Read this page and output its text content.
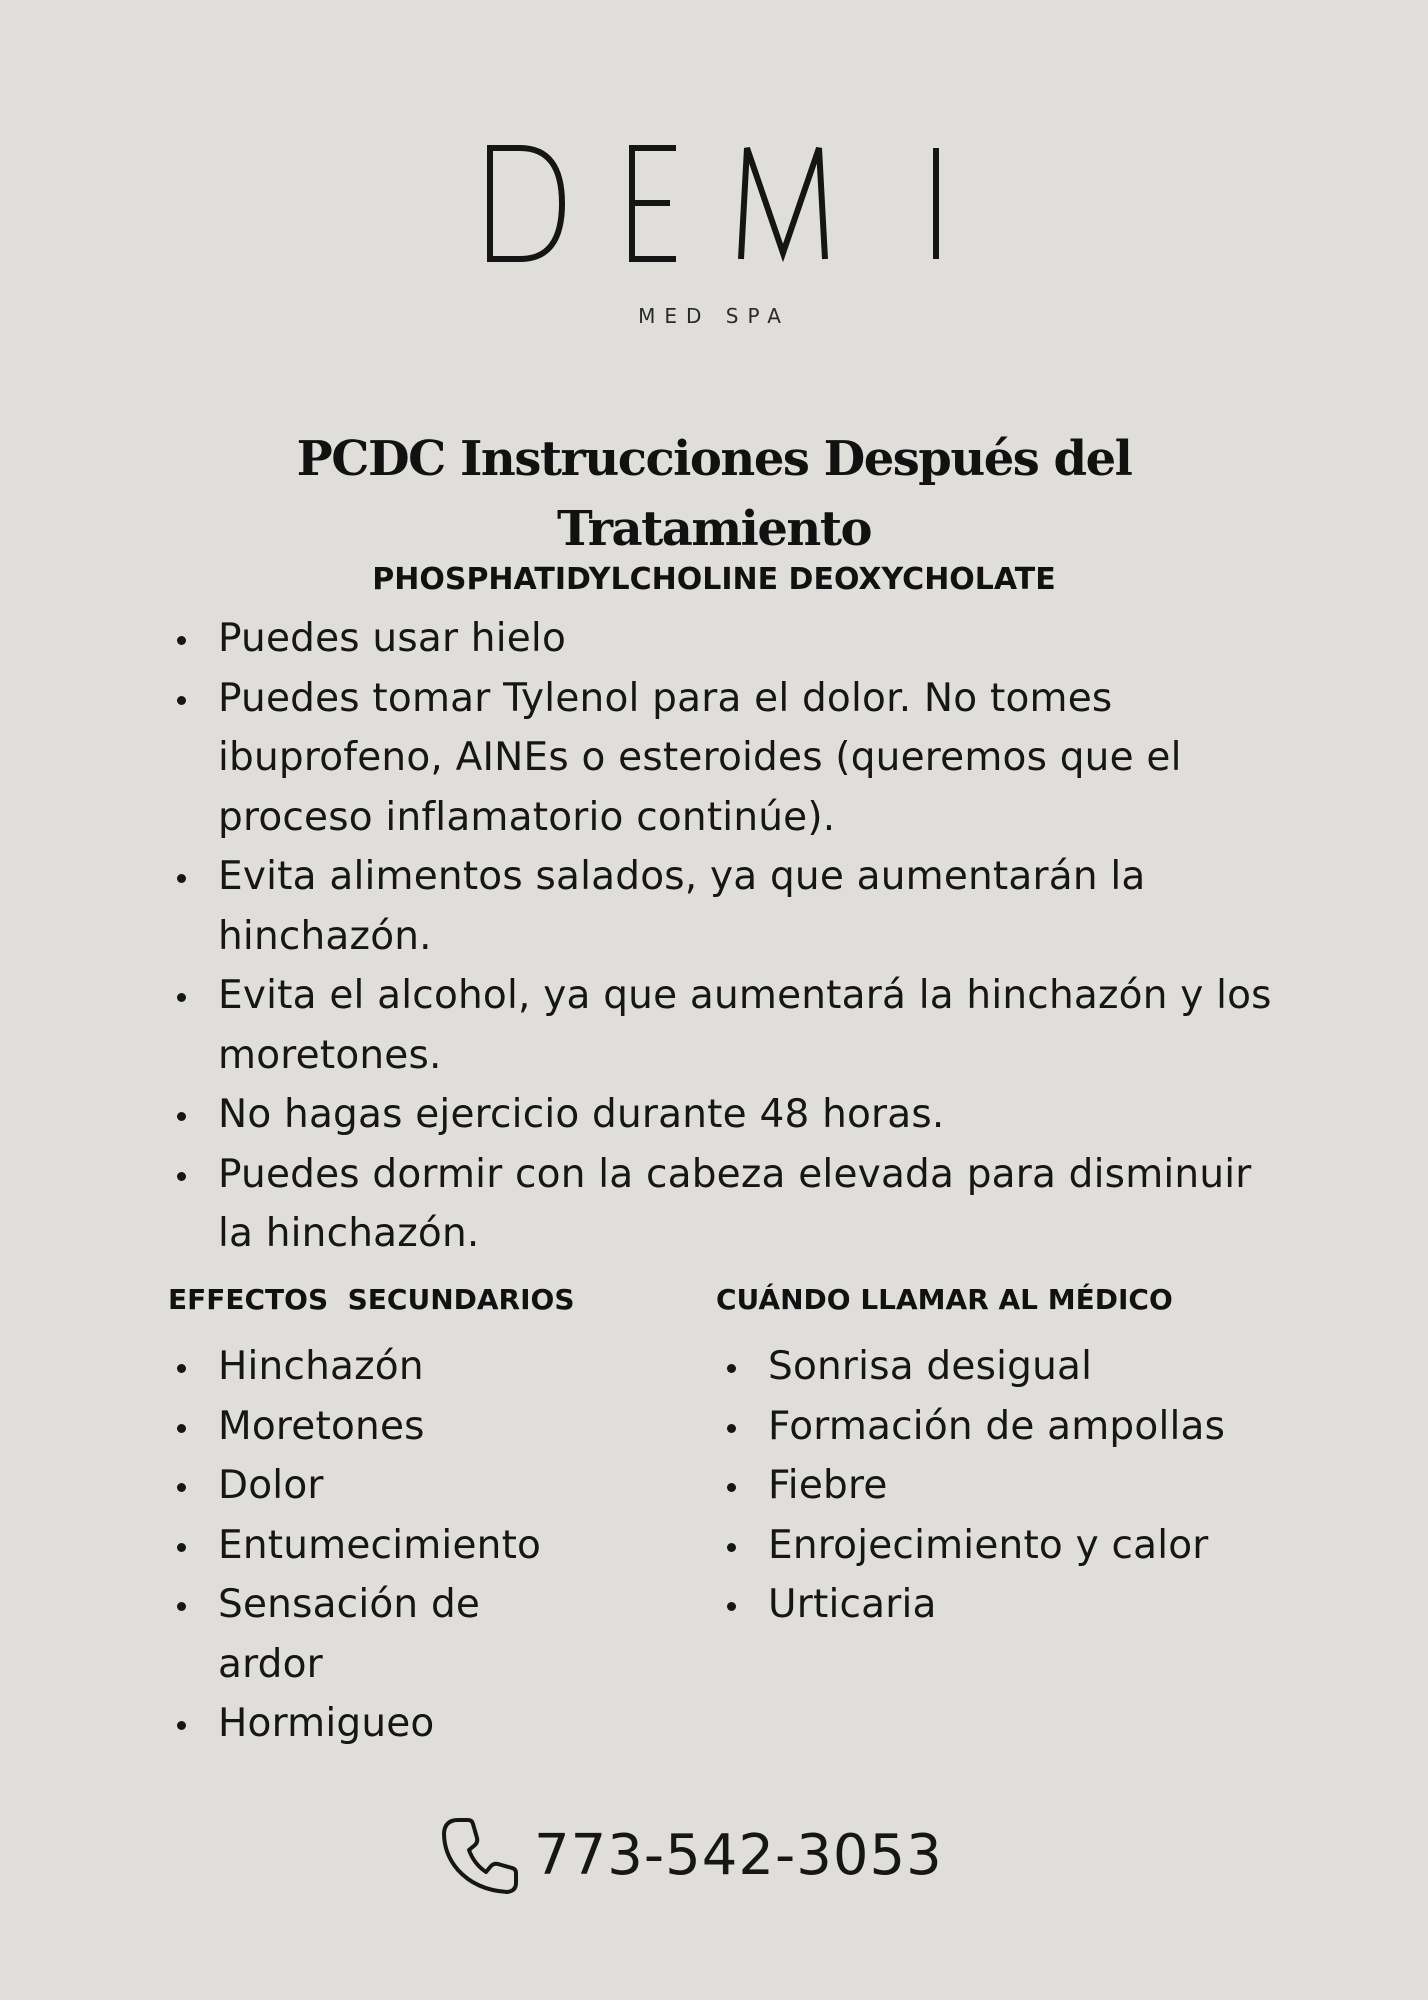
MED SPA
PCDC Instrucciones Después del Tratamiento
PHOSPHATIDYLCHOLINE DEOXYCHOLATE
Puedes usar hielo
Puedes tomar Tylenol para el dolor. No tomes ibuprofeno, AINEs o esteroides (queremos que el proceso inflamatorio continúe).
Evita alimentos salados, ya que aumentarán la hinchazón.
Evita el alcohol, ya que aumentará la hinchazón y los moretones.
No hagas ejercicio durante 48 horas.
Puedes dormir con la cabeza elevada para disminuir la hinchazón.
EFFECTOS  SECUNDARIOS	CUÁNDO LLAMAR AL MÉDICO
Hinchazón
Moretones
Dolor
Entumecimiento
Sensación de ardor
Hormigueo
Sonrisa desigual
Formación de ampollas
Fiebre
Enrojecimiento y calor
Urticaria
773-542-3053
